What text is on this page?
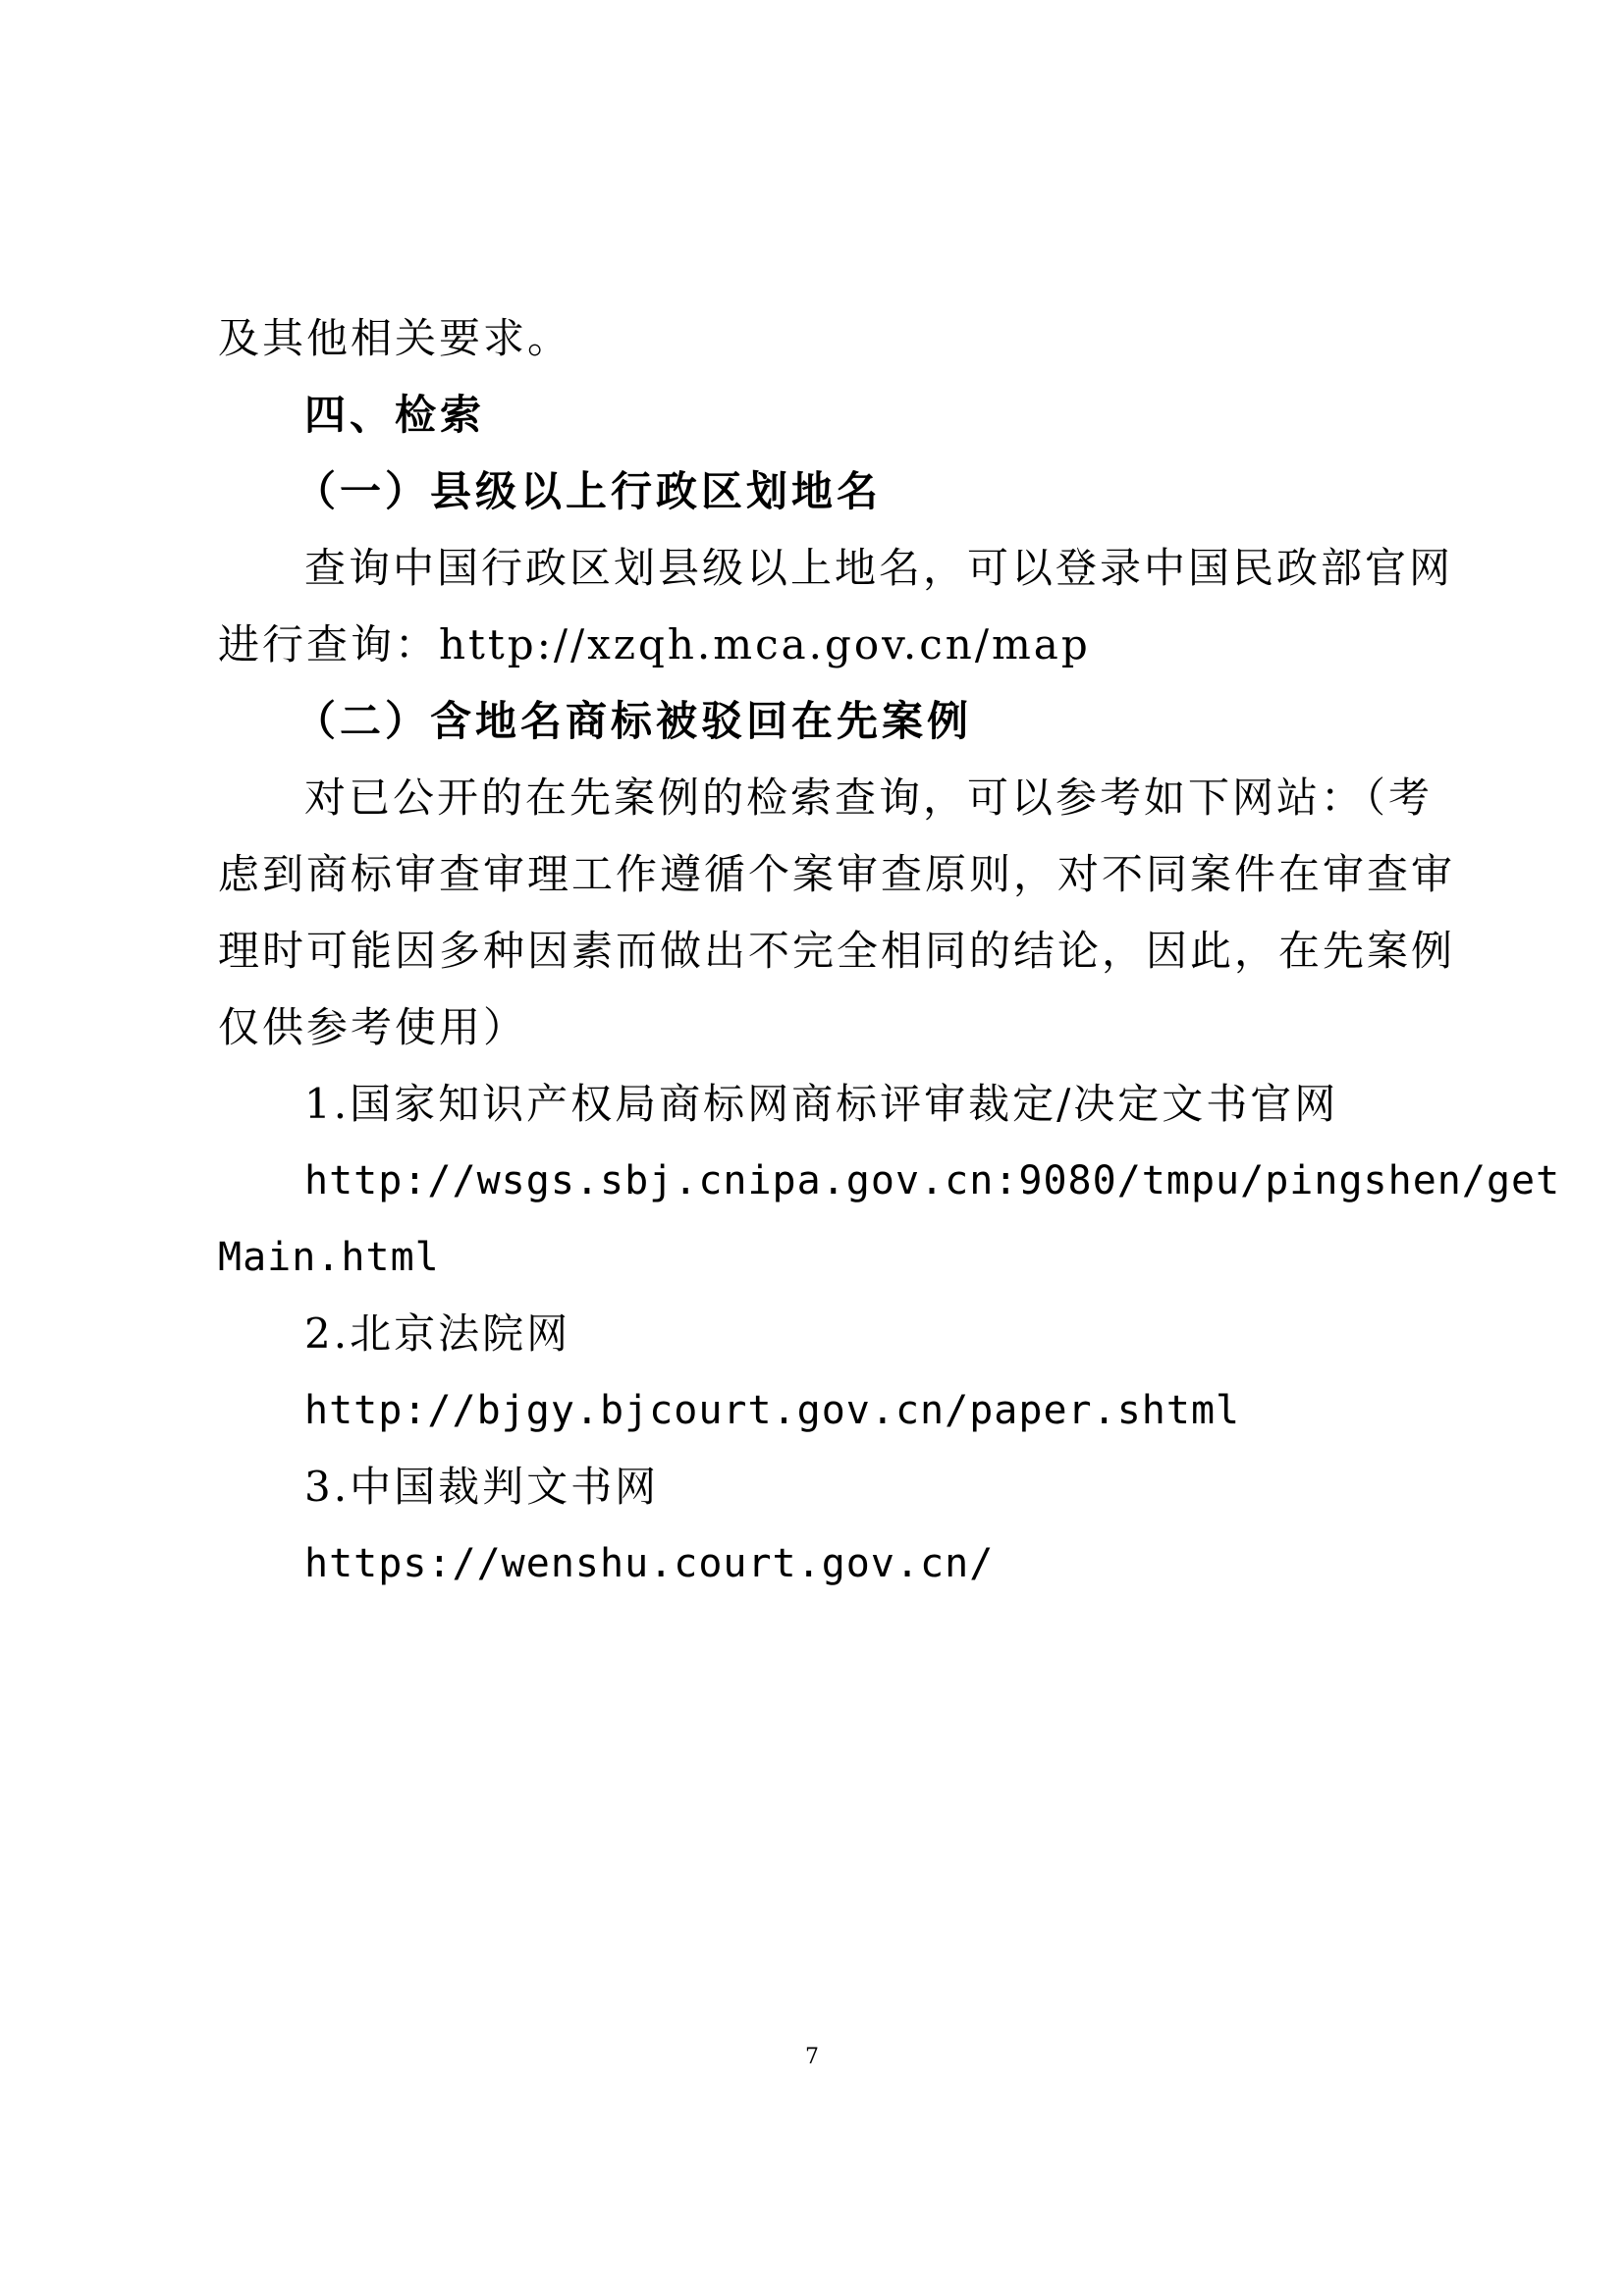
及其他相关要求。
四、检索
（一）县级以上行政区划地名
查询中国行政区划县级以上地名，可以登录中国民政部官网
进行查询：http://xzqh.mca.gov.cn/map
（二）含地名商标被驳回在先案例
对已公开的在先案例的检索查询，可以参考如下网站：（考
虑到商标审查审理工作遵循个案审查原则，对不同案件在审查审
理时可能因多种因素而做出不完全相同的结论，因此，在先案例
仅供参考使用）
1.国家知识产权局商标网商标评审裁定/决定文书官网
http://wsgs.sbj.cnipa.gov.cn:9080/tmpu/pingshen/get
Main.html
2.北京法院网
http://bjgy.bjcourt.gov.cn/paper.shtml
3.中国裁判文书网
https://wenshu.court.gov.cn/
7
